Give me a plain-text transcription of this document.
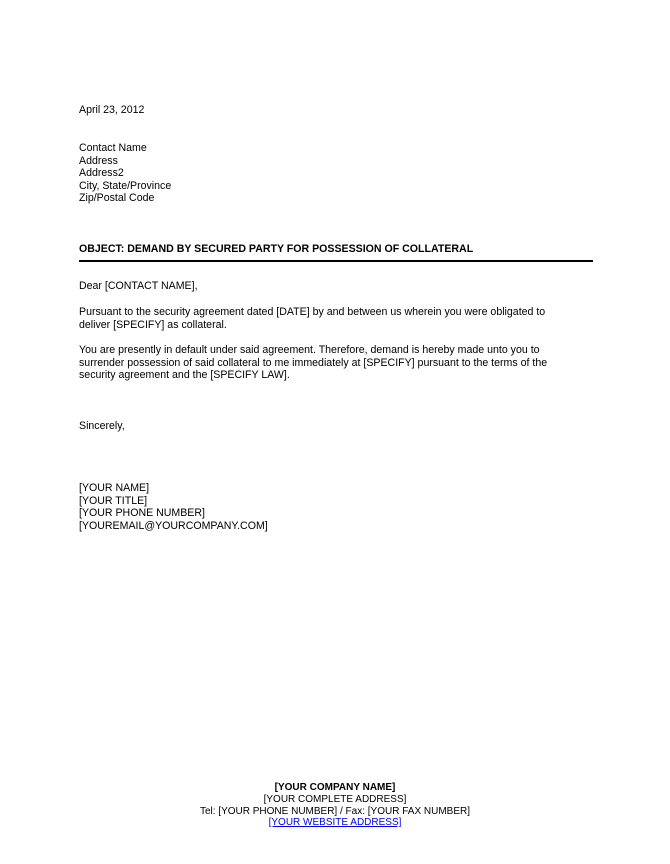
April 23, 2012
Contact Name
Address
Address2
City, State/Province
Zip/Postal Code
OBJECT: DEMAND BY SECURED PARTY FOR POSSESSION OF COLLATERAL
Dear [CONTACT NAME],
Pursuant to the security agreement dated [DATE] by and between us wherein you were obligated to
deliver [SPECIFY] as collateral.
You are presently in default under said agreement. Therefore, demand is hereby made unto you to
surrender possession of said collateral to me immediately at [SPECIFY] pursuant to the terms of the
security agreement and the [SPECIFY LAW].
Sincerely,
[YOUR NAME]
[YOUR TITLE]
[YOUR PHONE NUMBER]
[YOUREMAIL@YOURCOMPANY.COM]
[YOUR COMPANY NAME]
[YOUR COMPLETE ADDRESS]
Tel: [YOUR PHONE NUMBER] / Fax: [YOUR FAX NUMBER]
[YOUR WEBSITE ADDRESS]
